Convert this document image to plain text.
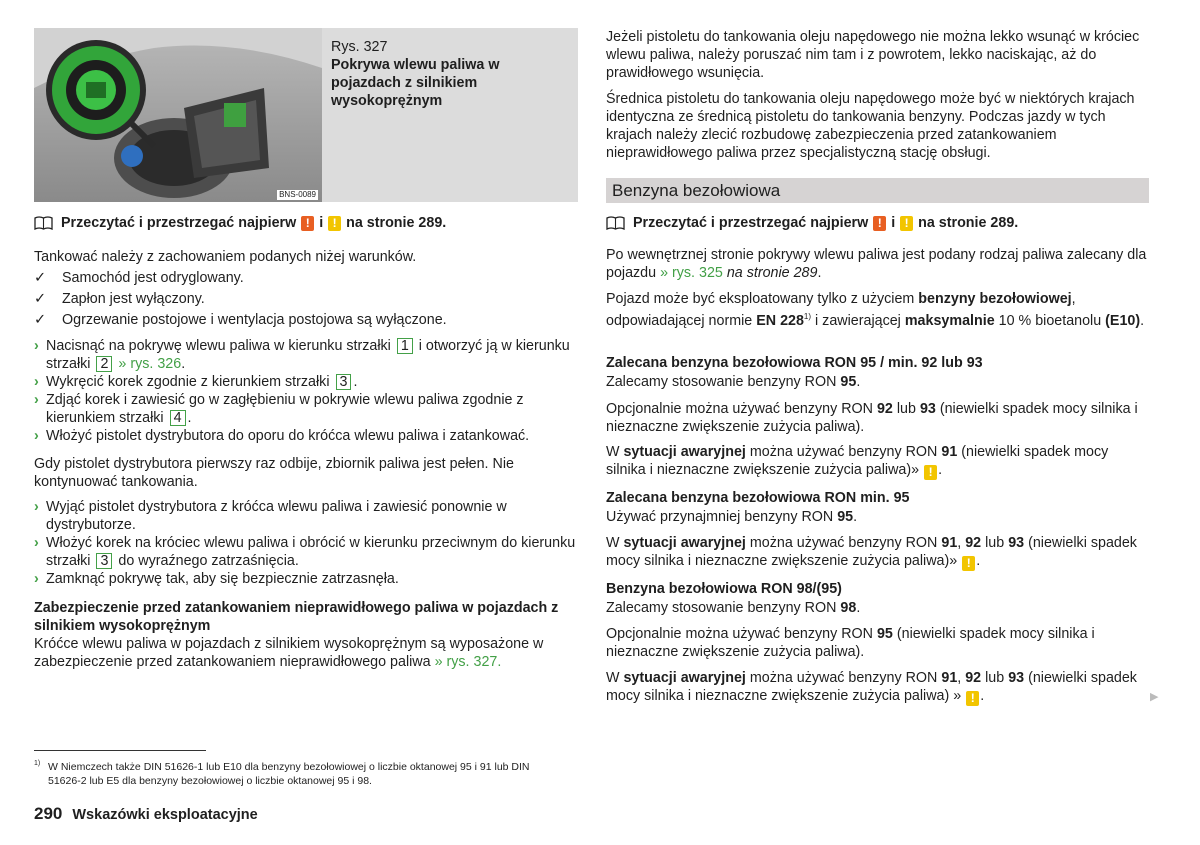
BNS-0089
Rys. 327
Pokrywa wlewu paliwa w pojazdach z silnikiem wysokoprężnym
Przeczytać i przestrzegać najpierw
!
i
!
na stronie 289.

Tankować należy z zachowaniem podanych niżej warunków.

✓ Samochód jest odryglowany.
✓ Zapłon jest wyłączony.
✓ Ogrzewanie postojowe i wentylacja postojowa są wyłączone.
› Nacisnąć na pokrywę wlewu paliwa w kierunku strzałki 1 i otworzyć ją w kierunku strzałki 2 » rys. 326.
› Wykręcić korek zgodnie z kierunkiem strzałki 3 .
› Zdjąć korek i zawiesić go w zagłębieniu w pokrywie wlewu paliwa zgodnie z kierunkiem strzałki 4 .
› Włożyć pistolet dystrybutora do oporu do króćca wlewu paliwa i zatankować.

Gdy pistolet dystrybutora pierwszy raz odbije, zbiornik paliwa jest pełen. Nie kontynuować tankowania.

› Wyjąć pistolet dystrybutora z króćca wlewu paliwa i zawiesić ponownie w dystrybutorze.
› Włożyć korek na króciec wlewu paliwa i obrócić w kierunku przeciwnym do kierunku strzałki 3 do wyraźnego zatrzaśnięcia.
› Zamknąć pokrywę tak, aby się bezpiecznie zatrzasnęła.

Zabezpieczenie przed zatankowaniem nieprawidłowego paliwa w pojazdach z silnikiem wysokoprężnym

Króćce wlewu paliwa w pojazdach z silnikiem wysokoprężnym są wyposażone w zabezpieczenie przed zatankowaniem nieprawidłowego paliwa » rys. 327.

Jeżeli pistoletu do tankowania oleju napędowego nie można lekko wsunąć w króciec wlewu paliwa, należy poruszać nim tam i z powrotem, lekko naciskając, aż do prawidłowego wsunięcia.

Średnica pistoletu do tankowania oleju napędowego może być w niektórych krajach identyczna ze średnicą pistoletu do tankowania benzyny. Podczas jazdy w tych krajach należy zlecić rozbudowę zabezpieczenia przed zatankowaniem nieprawidłowego paliwa przez specjalistyczną stację obsługi.

Benzyna bezołowiowa
Przeczytać i przestrzegać najpierw
!
i
!
na stronie 289.

Po wewnętrznej stronie pokrywy wlewu paliwa jest podany rodzaj paliwa zalecany dla pojazdu » rys. 325 na stronie 289.

Pojazd może być eksploatowany tylko z użyciem benzyny bezołowiowej, odpowiadającej normie EN 228$^{1)}$ i zawierającej maksymalnie 10 % bioetanolu (E10).

Zalecana benzyna bezołowiowa RON 95 / min. 92 lub 93

Zalecamy stosowanie benzyny RON 95.

Opcjonalnie można używać benzyny RON 92 lub 93 (niewielki spadek mocy silnika i nieznaczne zwiększenie zużycia paliwa).

W sytuacji awaryjnej można używać benzyny RON 91 (niewielki spadek mocy silnika i nieznaczne zwiększenie zużycia paliwa)» ! .

Zalecana benzyna bezołowiowa RON min. 95

Używać przynajmniej benzyny RON 95.

W sytuacji awaryjnej można używać benzyny RON 91, 92 lub 93 (niewielki spadek mocy silnika i nieznaczne zwiększenie zużycia paliwa)» ! .

Benzyna bezołowiowa RON 98/(95)

Zalecamy stosowanie benzyny RON 98.

Opcjonalnie można używać benzyny RON 95 (niewielki spadek mocy silnika i nieznaczne zwiększenie zużycia paliwa).

W sytuacji awaryjnej można używać benzyny RON 91, 92 lub 93 (niewielki spadek mocy silnika i nieznaczne zwiększenie zużycia paliwa) » ! .	▶
1) W Niemczech także DIN 51626-1 lub E10 dla benzyny bezołowiowej o liczbie oktanowej 95 i 91 lub DIN 51626-2 lub E5 dla benzyny bezołowiowej o liczbie oktanowej 95 i 98.
290 Wskazówki eksploatacyjne
